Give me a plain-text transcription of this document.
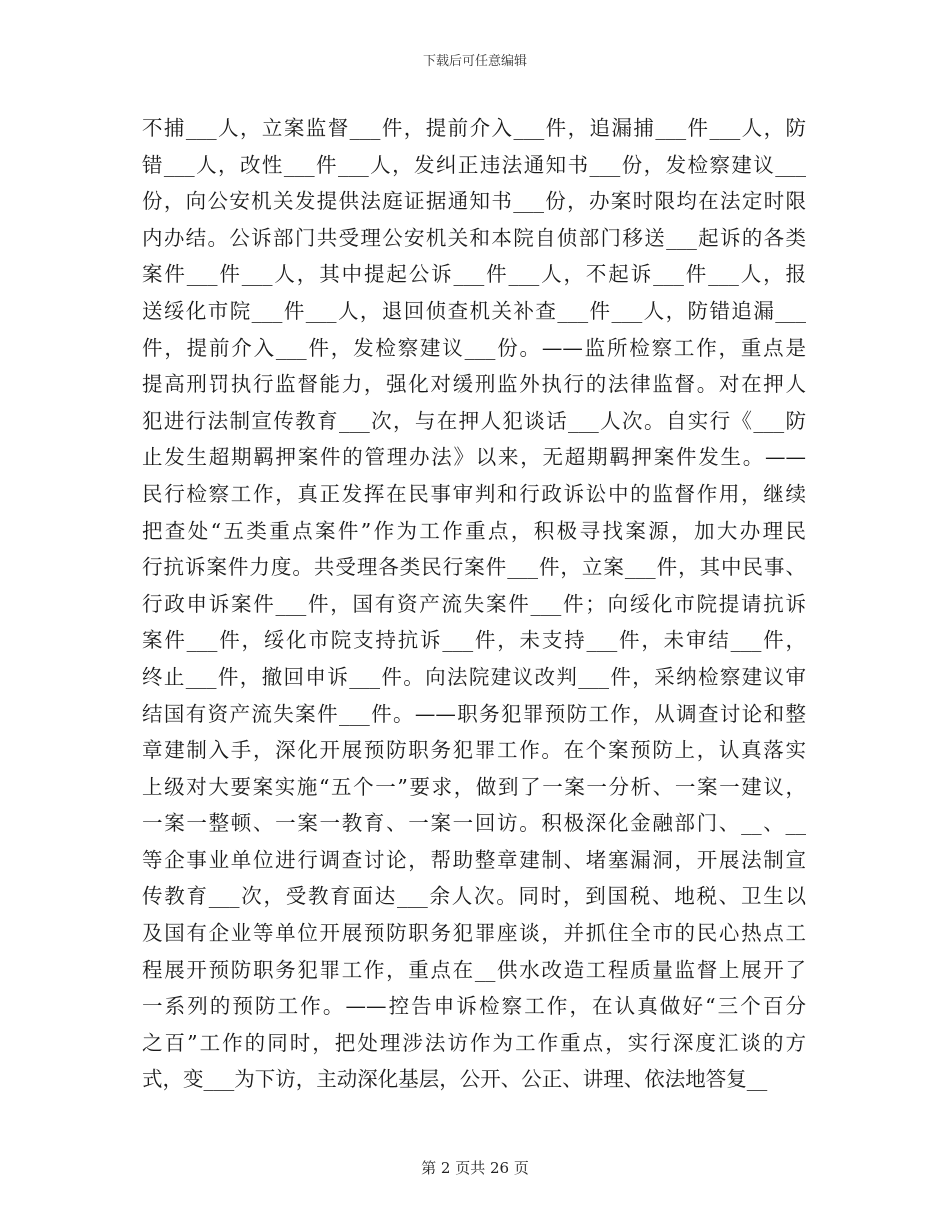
下载后可任意编辑
不捕___人，立案监督___件，提前介入___件，追漏捕___件___人，防
错___人，改性___件___人，发纠正违法通知书___份，发检察建议___
份，向公安机关发提供法庭证据通知书___份，办案时限均在法定时限
内办结。公诉部门共受理公安机关和本院自侦部门移送___起诉的各类
案件___件___人，其中提起公诉___件___人，不起诉___件___人，报
送绥化市院___件___人，退回侦查机关补查___件___人，防错追漏___
件，提前介入___件，发检察建议___份。——监所检察工作，重点是
提高刑罚执行监督能力，强化对缓刑监外执行的法律监督。对在押人
犯进行法制宣传教育___次，与在押人犯谈话___人次。自实行《___防
止发生超期羁押案件的管理办法》以来，无超期羁押案件发生。——
民行检察工作，真正发挥在民事审判和行政诉讼中的监督作用，继续
把查处“五类重点案件”作为工作重点，积极寻找案源，加大办理民
行抗诉案件力度。共受理各类民行案件___件，立案___件，其中民事、
行政申诉案件___件，国有资产流失案件___件；向绥化市院提请抗诉
案件___件，绥化市院支持抗诉___件，未支持___件，未审结___件，
终止___件，撤回申诉___件。向法院建议改判___件，采纳检察建议审
结国有资产流失案件___件。——职务犯罪预防工作，从调查讨论和整
章建制入手，深化开展预防职务犯罪工作。在个案预防上，认真落实
上级对大要案实施“五个一”要求，做到了一案一分析、一案一建议，
一案一整顿、一案一教育、一案一回访。积极深化金融部门、__、__
等企事业单位进行调查讨论，帮助整章建制、堵塞漏洞，开展法制宣
传教育___次，受教育面达___余人次。同时，到国税、地税、卫生以
及国有企业等单位开展预防职务犯罪座谈，并抓住全市的民心热点工
程展开预防职务犯罪工作，重点在__供水改造工程质量监督上展开了
一系列的预防工作。——控告申诉检察工作，在认真做好“三个百分
之百”工作的同时，把处理涉法访作为工作重点，实行深度汇谈的方
式，变___为下访，主动深化基层，公开、公正、讲理、依法地答复__
第 2 页共 26 页
